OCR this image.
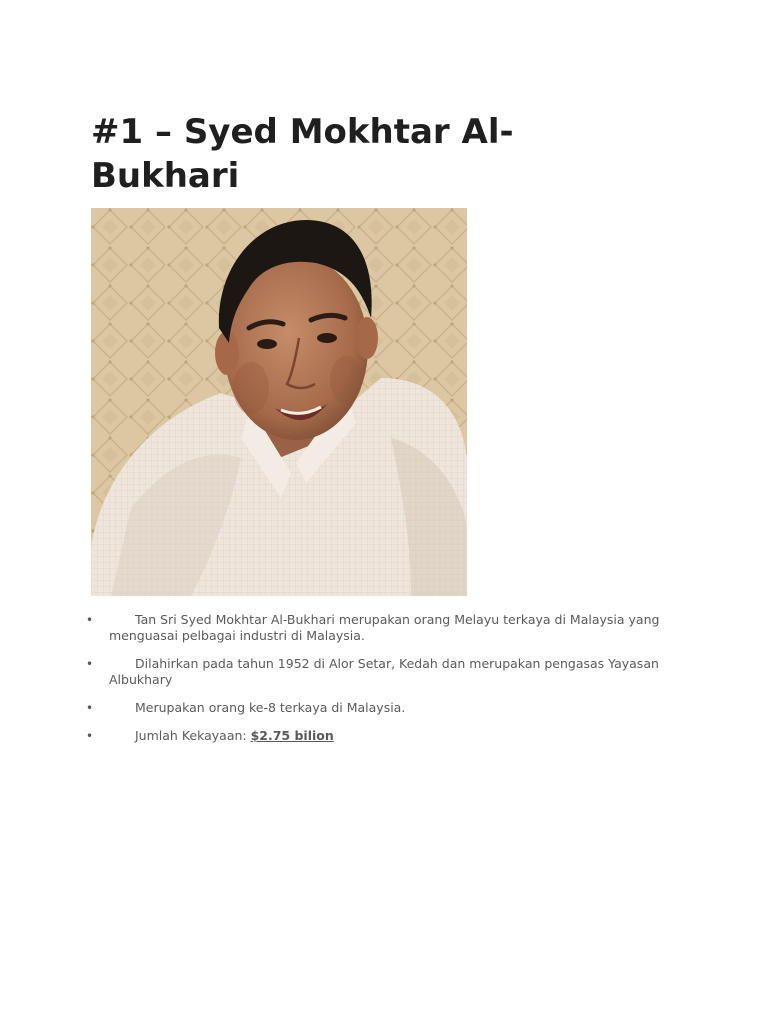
#1 – Syed Mokhtar Al-Bukhari
•	Tan Sri Syed Mokhtar Al-Bukhari merupakan orang Melayu terkaya di Malaysia yang menguasai pelbagai industri di Malaysia.
•	Dilahirkan pada tahun 1952 di Alor Setar, Kedah dan merupakan pengasas Yayasan Albukhary
•	Merupakan orang ke-8 terkaya di Malaysia.
•	Jumlah Kekayaan: $2.75 bilion
